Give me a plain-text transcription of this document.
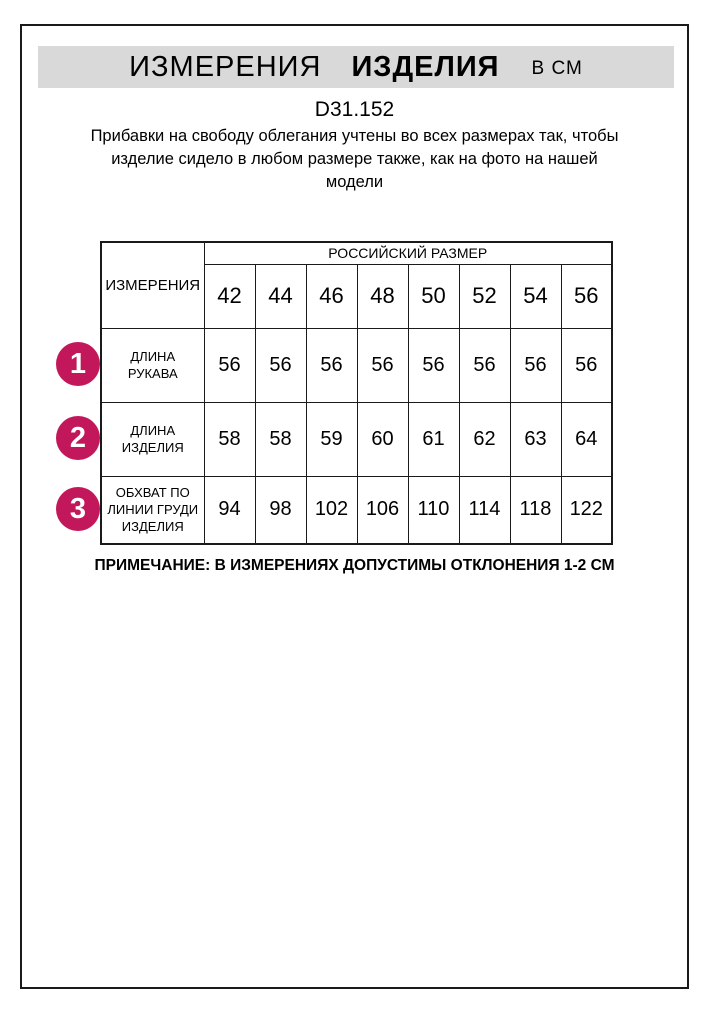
ИЗМЕРЕНИЯ ИЗДЕЛИЯ В СМ
D31.152
Прибавки на свободу облегания учтены во всех размерах так, чтобы
изделие сидело в любом размере также, как на фото на нашей
модели
ИЗМЕРЕНИЯ	РОССИЙСКИЙ РАЗМЕР							
	42	44	46	48	50	52	54	56
ДЛИНА РУКАВА	56	56	56	56	56	56	56	56
ДЛИНА ИЗДЕЛИЯ	58	58	59	60	61	62	63	64
ОБХВАТ ПО ЛИНИИ ГРУДИ ИЗДЕЛИЯ	94	98	102	106	110	114	118	122
1
2
3
ПРИМЕЧАНИЕ: В ИЗМЕРЕНИЯХ ДОПУСТИМЫ ОТКЛОНЕНИЯ 1-2 СМ
